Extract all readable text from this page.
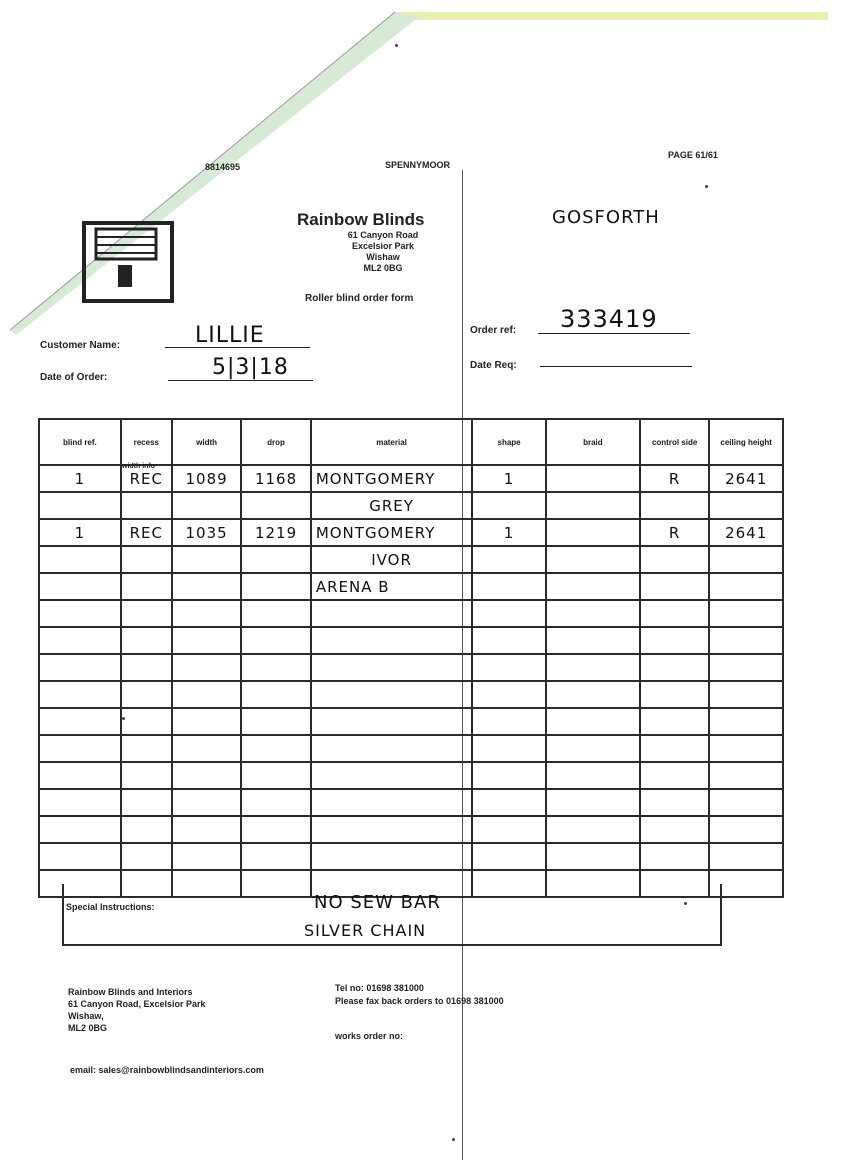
8814695	SPENNYMOOR
PAGE 61/61
Rainbow Blinds
61 Canyon Road
Excelsior Park
Wishaw
ML2 0BG
GOSFORTH
Roller blind order form
Customer Name:	LILLIE
Date of Order:	5|3|18
Order ref: 333419
Date Req:
blind ref.	recess	width	drop	material	shape	braid	control side	ceiling height
1	REC	1089	1168	MONTGOMERY	1		R	2641
				GREY				
1	REC	1035	1219	MONTGOMERY	1		R	2641
				IVOR				
				ARENA B				

width info
Special Instructions:	NO SEW BAR
SILVER CHAIN
Rainbow Blinds and Interiors
61 Canyon Road, Excelsior Park
Wishaw,
ML2 0BG
Tel no: 01698 381000
Please fax back orders to 01698 381000
works order no:
email: sales@rainbowblindsandinteriors.com
